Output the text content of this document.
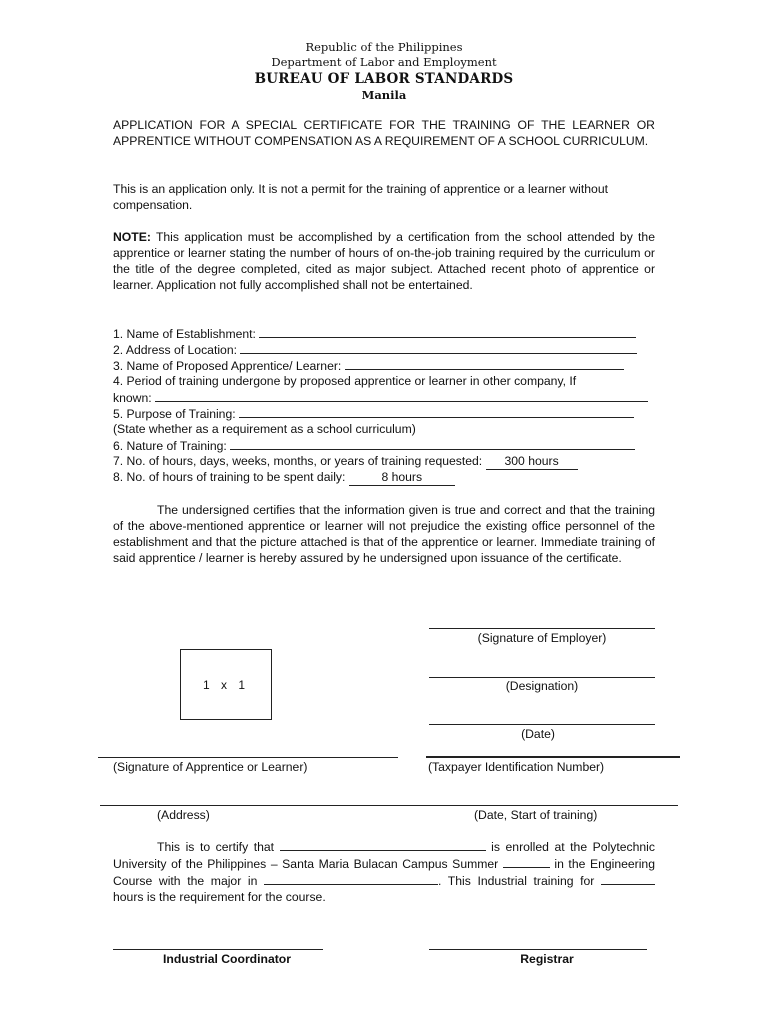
Republic of the Philippines
Department of Labor and Employment
BUREAU OF LABOR STANDARDS
Manila
APPLICATION FOR A SPECIAL CERTIFICATE FOR THE TRAINING OF THE LEARNER OR APPRENTICE WITHOUT COMPENSATION AS A REQUIREMENT OF A SCHOOL CURRICULUM.
This is an application only. It is not a permit for the training of apprentice or a learner without compensation.
NOTE: This application must be accomplished by a certification from the school attended by the apprentice or learner stating the number of hours of on-the-job training required by the curriculum or the title of the degree completed, cited as major subject. Attached recent photo of apprentice or learner. Application not fully accomplished shall not be entertained.
1. Name of Establishment:
2. Address of Location:
3. Name of Proposed Apprentice/ Learner:
4. Period of training undergone by proposed apprentice or learner in other company, If
known:
5. Purpose of Training:
(State whether as a requirement as a school curriculum)
6. Nature of Training:
7. No. of hours, days, weeks, months, or years of training requested: 300 hours
8. No. of hours of training to be spent daily:	8 hours
The undersigned certifies that the information given is true and correct and that the training of the above-mentioned apprentice or learner will not prejudice the existing office personnel of the establishment and that the picture attached is that of the apprentice or learner. Immediate training of said apprentice / learner is hereby assured by he undersigned upon issuance of the certificate.
(Signature of Employer)
1 x 1	(Designation)
(Date)
(Signature of Apprentice or Learner)	(Taxpayer Identification Number)
(Address)	(Date, Start of training)
This is to certify that	is enrolled at the Polytechnic University of the Philippines – Santa Maria Bulacan Campus Summer	in the Engineering Course with the major in	. This Industrial training for  hours is the requirement for the course.
Industrial Coordinator	Registrar
